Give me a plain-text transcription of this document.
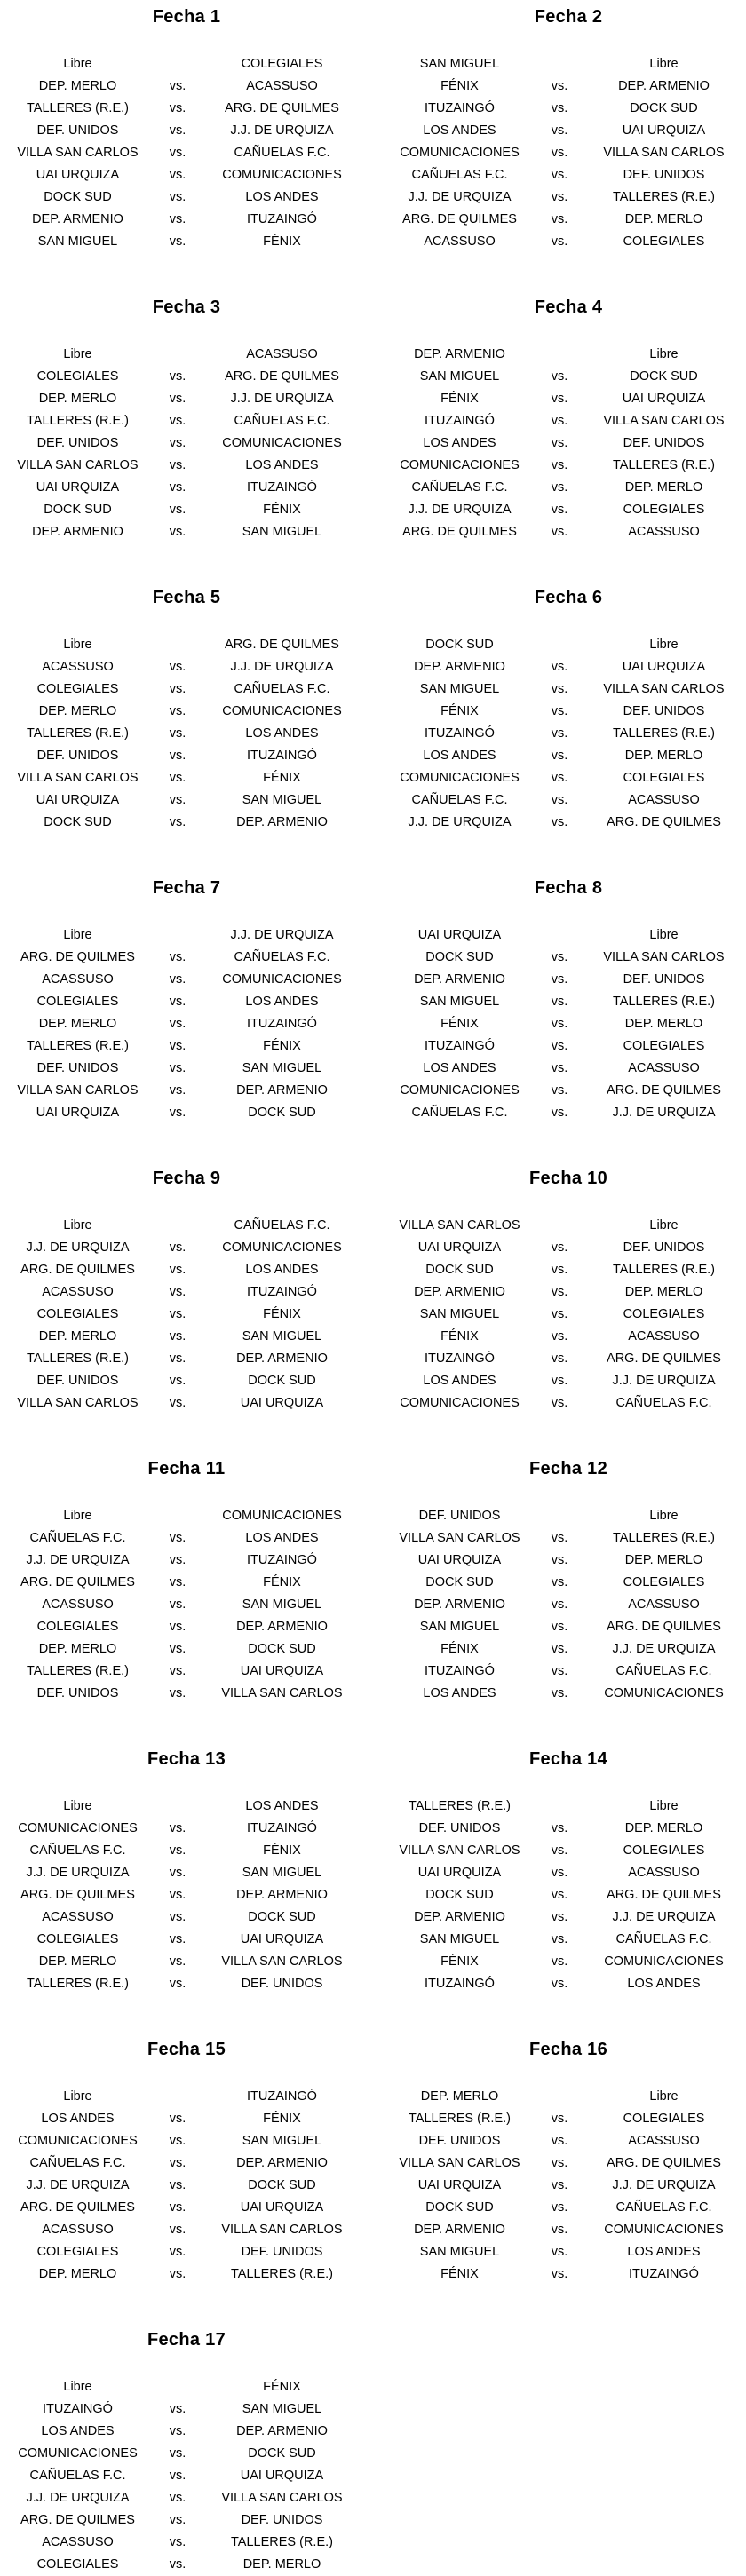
Fecha 1
Libre	COLEGIALES
DEP. MERLO	vs.	ACASSUSO
TALLERES (R.E.)	vs.	ARG. DE QUILMES
DEF. UNIDOS	vs.	J.J. DE URQUIZA
VILLA SAN CARLOS	vs.	CAÑUELAS F.C.
UAI URQUIZA	vs.	COMUNICACIONES
DOCK SUD	vs.	LOS ANDES
DEP. ARMENIO	vs.	ITUZAINGÓ
SAN MIGUEL	vs.	FÉNIX
Fecha 2
SAN MIGUEL	Libre
FÉNIX	vs.	DEP. ARMENIO
ITUZAINGÓ	vs.	DOCK SUD
LOS ANDES	vs.	UAI URQUIZA
COMUNICACIONES	vs.	VILLA SAN CARLOS
CAÑUELAS F.C.	vs.	DEF. UNIDOS
J.J. DE URQUIZA	vs.	TALLERES (R.E.)
ARG. DE QUILMES	vs.	DEP. MERLO
ACASSUSO	vs.	COLEGIALES
Fecha 3
Libre	ACASSUSO
COLEGIALES	vs.	ARG. DE QUILMES
DEP. MERLO	vs.	J.J. DE URQUIZA
TALLERES (R.E.)	vs.	CAÑUELAS F.C.
DEF. UNIDOS	vs.	COMUNICACIONES
VILLA SAN CARLOS	vs.	LOS ANDES
UAI URQUIZA	vs.	ITUZAINGÓ
DOCK SUD	vs.	FÉNIX
DEP. ARMENIO	vs.	SAN MIGUEL
Fecha 4
DEP. ARMENIO	Libre
SAN MIGUEL	vs.	DOCK SUD
FÉNIX	vs.	UAI URQUIZA
ITUZAINGÓ	vs.	VILLA SAN CARLOS
LOS ANDES	vs.	DEF. UNIDOS
COMUNICACIONES	vs.	TALLERES (R.E.)
CAÑUELAS F.C.	vs.	DEP. MERLO
J.J. DE URQUIZA	vs.	COLEGIALES
ARG. DE QUILMES	vs.	ACASSUSO
Fecha 5
Libre	ARG. DE QUILMES
ACASSUSO	vs.	J.J. DE URQUIZA
COLEGIALES	vs.	CAÑUELAS F.C.
DEP. MERLO	vs.	COMUNICACIONES
TALLERES (R.E.)	vs.	LOS ANDES
DEF. UNIDOS	vs.	ITUZAINGÓ
VILLA SAN CARLOS	vs.	FÉNIX
UAI URQUIZA	vs.	SAN MIGUEL
DOCK SUD	vs.	DEP. ARMENIO
Fecha 6
DOCK SUD	Libre
DEP. ARMENIO	vs.	UAI URQUIZA
SAN MIGUEL	vs.	VILLA SAN CARLOS
FÉNIX	vs.	DEF. UNIDOS
ITUZAINGÓ	vs.	TALLERES (R.E.)
LOS ANDES	vs.	DEP. MERLO
COMUNICACIONES	vs.	COLEGIALES
CAÑUELAS F.C.	vs.	ACASSUSO
J.J. DE URQUIZA	vs.	ARG. DE QUILMES
Fecha 7
Libre	J.J. DE URQUIZA
ARG. DE QUILMES	vs.	CAÑUELAS F.C.
ACASSUSO	vs.	COMUNICACIONES
COLEGIALES	vs.	LOS ANDES
DEP. MERLO	vs.	ITUZAINGÓ
TALLERES (R.E.)	vs.	FÉNIX
DEF. UNIDOS	vs.	SAN MIGUEL
VILLA SAN CARLOS	vs.	DEP. ARMENIO
UAI URQUIZA	vs.	DOCK SUD
Fecha 8
UAI URQUIZA	Libre
DOCK SUD	vs.	VILLA SAN CARLOS
DEP. ARMENIO	vs.	DEF. UNIDOS
SAN MIGUEL	vs.	TALLERES (R.E.)
FÉNIX	vs.	DEP. MERLO
ITUZAINGÓ	vs.	COLEGIALES
LOS ANDES	vs.	ACASSUSO
COMUNICACIONES	vs.	ARG. DE QUILMES
CAÑUELAS F.C.	vs.	J.J. DE URQUIZA
Fecha 9
Libre	CAÑUELAS F.C.
J.J. DE URQUIZA	vs.	COMUNICACIONES
ARG. DE QUILMES	vs.	LOS ANDES
ACASSUSO	vs.	ITUZAINGÓ
COLEGIALES	vs.	FÉNIX
DEP. MERLO	vs.	SAN MIGUEL
TALLERES (R.E.)	vs.	DEP. ARMENIO
DEF. UNIDOS	vs.	DOCK SUD
VILLA SAN CARLOS	vs.	UAI URQUIZA
Fecha 10
VILLA SAN CARLOS	Libre
UAI URQUIZA	vs.	DEF. UNIDOS
DOCK SUD	vs.	TALLERES (R.E.)
DEP. ARMENIO	vs.	DEP. MERLO
SAN MIGUEL	vs.	COLEGIALES
FÉNIX	vs.	ACASSUSO
ITUZAINGÓ	vs.	ARG. DE QUILMES
LOS ANDES	vs.	J.J. DE URQUIZA
COMUNICACIONES	vs.	CAÑUELAS F.C.
Fecha 11
Libre	COMUNICACIONES
CAÑUELAS F.C.	vs.	LOS ANDES
J.J. DE URQUIZA	vs.	ITUZAINGÓ
ARG. DE QUILMES	vs.	FÉNIX
ACASSUSO	vs.	SAN MIGUEL
COLEGIALES	vs.	DEP. ARMENIO
DEP. MERLO	vs.	DOCK SUD
TALLERES (R.E.)	vs.	UAI URQUIZA
DEF. UNIDOS	vs.	VILLA SAN CARLOS
Fecha 12
DEF. UNIDOS	Libre
VILLA SAN CARLOS	vs.	TALLERES (R.E.)
UAI URQUIZA	vs.	DEP. MERLO
DOCK SUD	vs.	COLEGIALES
DEP. ARMENIO	vs.	ACASSUSO
SAN MIGUEL	vs.	ARG. DE QUILMES
FÉNIX	vs.	J.J. DE URQUIZA
ITUZAINGÓ	vs.	CAÑUELAS F.C.
LOS ANDES	vs.	COMUNICACIONES
Fecha 13
Libre	LOS ANDES
COMUNICACIONES	vs.	ITUZAINGÓ
CAÑUELAS F.C.	vs.	FÉNIX
J.J. DE URQUIZA	vs.	SAN MIGUEL
ARG. DE QUILMES	vs.	DEP. ARMENIO
ACASSUSO	vs.	DOCK SUD
COLEGIALES	vs.	UAI URQUIZA
DEP. MERLO	vs.	VILLA SAN CARLOS
TALLERES (R.E.)	vs.	DEF. UNIDOS
Fecha 14
TALLERES (R.E.)	Libre
DEF. UNIDOS	vs.	DEP. MERLO
VILLA SAN CARLOS	vs.	COLEGIALES
UAI URQUIZA	vs.	ACASSUSO
DOCK SUD	vs.	ARG. DE QUILMES
DEP. ARMENIO	vs.	J.J. DE URQUIZA
SAN MIGUEL	vs.	CAÑUELAS F.C.
FÉNIX	vs.	COMUNICACIONES
ITUZAINGÓ	vs.	LOS ANDES
Fecha 15
Libre	ITUZAINGÓ
LOS ANDES	vs.	FÉNIX
COMUNICACIONES	vs.	SAN MIGUEL
CAÑUELAS F.C.	vs.	DEP. ARMENIO
J.J. DE URQUIZA	vs.	DOCK SUD
ARG. DE QUILMES	vs.	UAI URQUIZA
ACASSUSO	vs.	VILLA SAN CARLOS
COLEGIALES	vs.	DEF. UNIDOS
DEP. MERLO	vs.	TALLERES (R.E.)
Fecha 16
DEP. MERLO	Libre
TALLERES (R.E.)	vs.	COLEGIALES
DEF. UNIDOS	vs.	ACASSUSO
VILLA SAN CARLOS	vs.	ARG. DE QUILMES
UAI URQUIZA	vs.	J.J. DE URQUIZA
DOCK SUD	vs.	CAÑUELAS F.C.
DEP. ARMENIO	vs.	COMUNICACIONES
SAN MIGUEL	vs.	LOS ANDES
FÉNIX	vs.	ITUZAINGÓ
Fecha 17
Libre	FÉNIX
ITUZAINGÓ	vs.	SAN MIGUEL
LOS ANDES	vs.	DEP. ARMENIO
COMUNICACIONES	vs.	DOCK SUD
CAÑUELAS F.C.	vs.	UAI URQUIZA
J.J. DE URQUIZA	vs.	VILLA SAN CARLOS
ARG. DE QUILMES	vs.	DEF. UNIDOS
ACASSUSO	vs.	TALLERES (R.E.)
COLEGIALES	vs.	DEP. MERLO
